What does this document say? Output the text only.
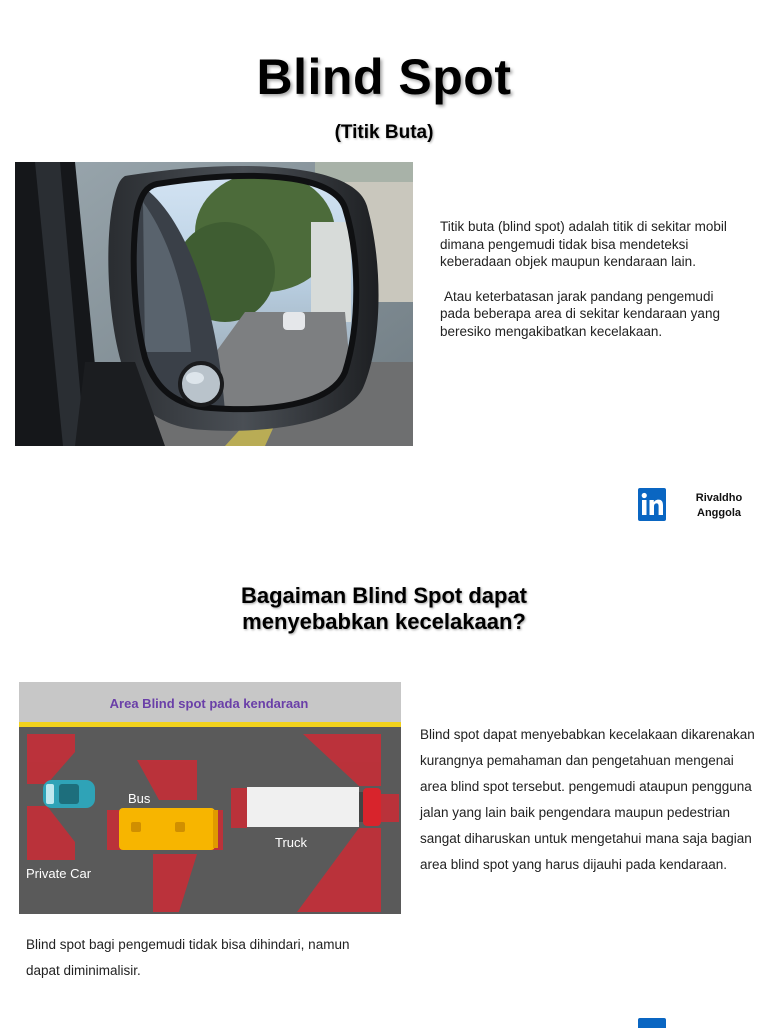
Blind Spot
(Titik Buta)

Titik buta (blind spot) adalah titik di sekitar mobil dimana pengemudi tidak bisa mendeteksi keberadaan objek maupun kendaraan lain.

Atau keterbatasan jarak pandang pengemudi pada beberapa area di sekitar kendaraan yang beresiko mengakibatkan kecelakaan.

Rivaldho
Anggola
Bagaiman Blind Spot dapat
menyebabkan kecelakaan?
Area Blind spot pada kendaraan
Bus
Truck
Private Car
Blind spot dapat menyebabkan kecelakaan dikarenakan kurangnya pemahaman dan pengetahuan mengenai area blind spot tersebut. pengemudi ataupun pengguna jalan yang lain baik pengendara maupun pedestrian sangat diharuskan untuk mengetahui mana saja bagian area blind spot yang harus dijauhi pada kendaraan.
Blind spot bagi pengemudi tidak bisa dihindari, namun dapat diminimalisir.
